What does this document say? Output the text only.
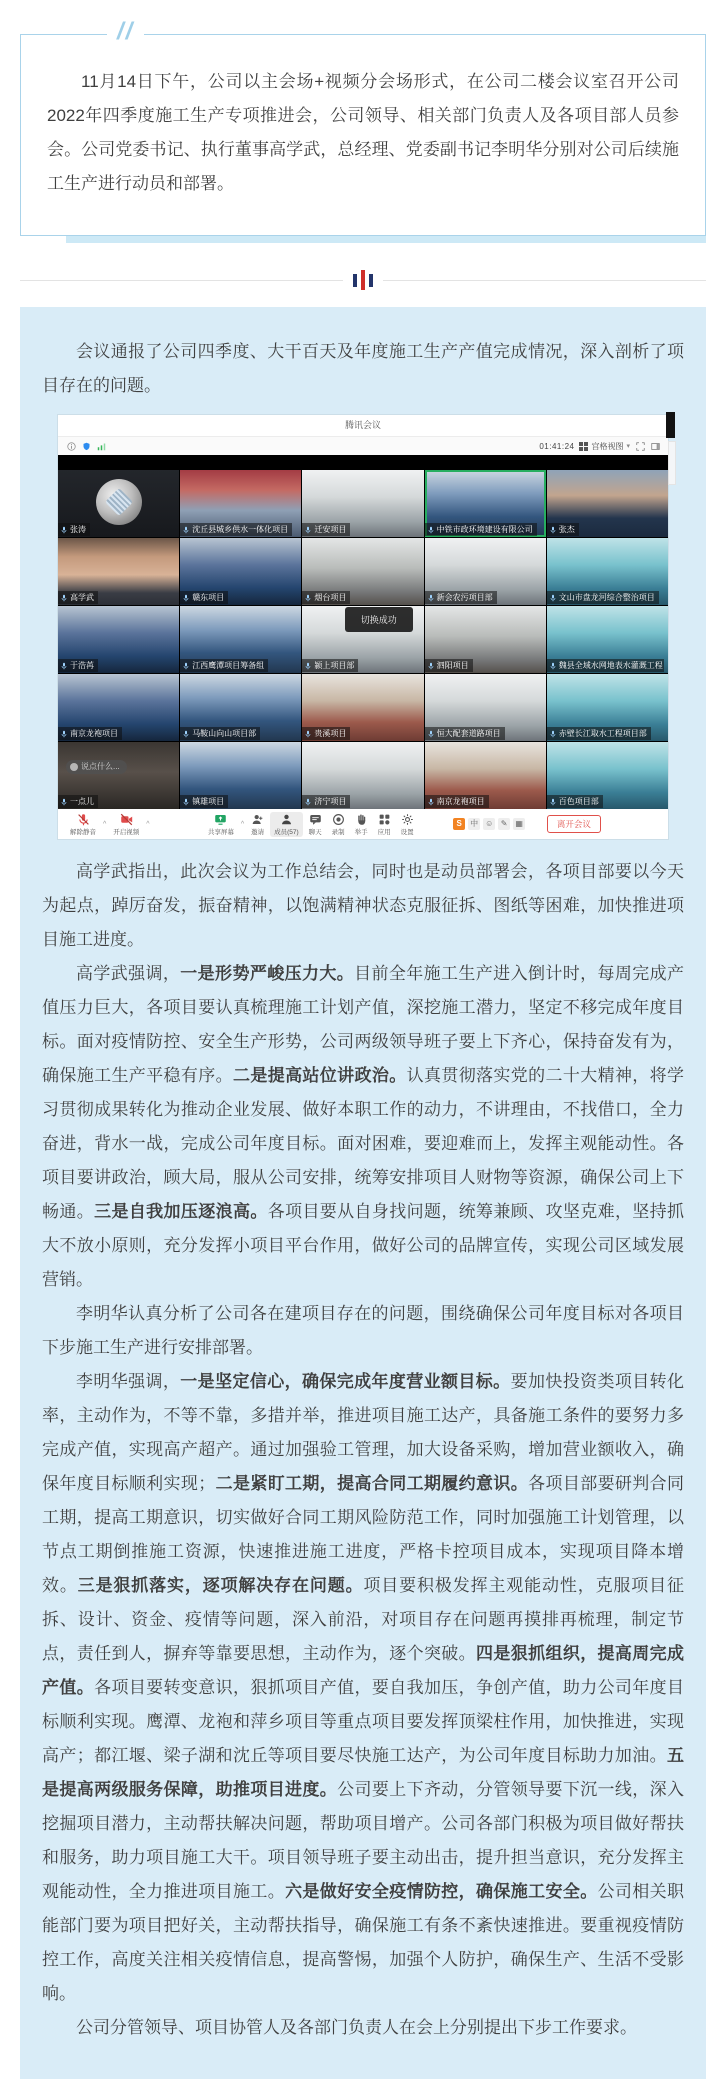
//

11月14日下午，公司以主会场+视频分会场形式，在公司二楼会议室召开公司2022年四季度施工生产专项推进会，公司领导、相关部门负责人及各项目部人员参会。公司党委书记、执行董事高学武，总经理、党委副书记李明华分别对公司后续施工生产进行动员和部署。

会议通报了公司四季度、大干百天及年度施工生产产值完成情况，深入剖析了项目存在的问题。

腾讯会议
01:41:24 宫格视图 ▾
张涛	沈丘县城乡供水一体化项目	迁安项目	中铁市政环境建设有限公司	张杰
高学武	赣东项目	烟台项目	新会农污项目部	文山市盘龙河综合整治项目
于浩苒	江西鹰潭项目筹备组	颍上项目部	泗阳项目	魏县全域水网地表水灌溉工程
南京龙袍项目	马鞍山向山项目部	贵溪项目	恒大配套道路项目	赤壁长江取水工程项目部
一点儿	镇雄项目	济宁项目	南京龙袍项目	百色项目部
切换成功
说点什么...
解除静音
^
开启视频
^
共享屏幕
^
邀请 成员(57) 聊天 录制 举手 应用 设置
S	中 ☺ ✎ ▦	离开会议

高学武指出，此次会议为工作总结会，同时也是动员部署会，各项目部要以今天为起点，踔厉奋发，振奋精神，以饱满精神状态克服征拆、图纸等困难，加快推进项目施工进度。

高学武强调，一是形势严峻压力大。目前全年施工生产进入倒计时，每周完成产值压力巨大，各项目要认真梳理施工计划产值，深挖施工潜力，坚定不移完成年度目标。面对疫情防控、安全生产形势，公司两级领导班子要上下齐心，保持奋发有为，确保施工生产平稳有序。二是提高站位讲政治。认真贯彻落实党的二十大精神，将学习贯彻成果转化为推动企业发展、做好本职工作的动力，不讲理由，不找借口，全力奋进，背水一战，完成公司年度目标。面对困难，要迎难而上，发挥主观能动性。各项目要讲政治，顾大局，服从公司安排，统筹安排项目人财物等资源，确保公司上下畅通。三是自我加压逐浪高。各项目要从自身找问题，统筹兼顾、攻坚克难，坚持抓大不放小原则，充分发挥小项目平台作用，做好公司的品牌宣传，实现公司区域发展营销。

李明华认真分析了公司各在建项目存在的问题，围绕确保公司年度目标对各项目下步施工生产进行安排部署。

李明华强调，一是坚定信心，确保完成年度营业额目标。要加快投资类项目转化率，主动作为，不等不靠，多措并举，推进项目施工达产，具备施工条件的要努力多完成产值，实现高产超产。通过加强验工管理，加大设备采购，增加营业额收入，确保年度目标顺利实现；二是紧盯工期，提高合同工期履约意识。各项目部要研判合同工期，提高工期意识，切实做好合同工期风险防范工作，同时加强施工计划管理，以节点工期倒推施工资源，快速推进施工进度，严格卡控项目成本，实现项目降本增效。三是狠抓落实，逐项解决存在问题。项目要积极发挥主观能动性，克服项目征拆、设计、资金、疫情等问题，深入前沿，对项目存在问题再摸排再梳理，制定节点，责任到人，摒弃等靠要思想，主动作为，逐个突破。四是狠抓组织，提高周完成产值。各项目要转变意识，狠抓项目产值，要自我加压，争创产值，助力公司年度目标顺利实现。鹰潭、龙袍和萍乡项目等重点项目要发挥顶梁柱作用，加快推进，实现高产；都江堰、梁子湖和沈丘等项目要尽快施工达产，为公司年度目标助力加油。五是提高两级服务保障，助推项目进度。公司要上下齐动，分管领导要下沉一线，深入挖掘项目潜力，主动帮扶解决问题，帮助项目增产。公司各部门积极为项目做好帮扶和服务，助力项目施工大干。项目领导班子要主动出击，提升担当意识，充分发挥主观能动性，全力推进项目施工。六是做好安全疫情防控，确保施工安全。公司相关职能部门要为项目把好关，主动帮扶指导，确保施工有条不紊快速推进。要重视疫情防控工作，高度关注相关疫情信息，提高警惕，加强个人防护，确保生产、生活不受影响。

公司分管领导、项目协管人及各部门负责人在会上分别提出下步工作要求。
